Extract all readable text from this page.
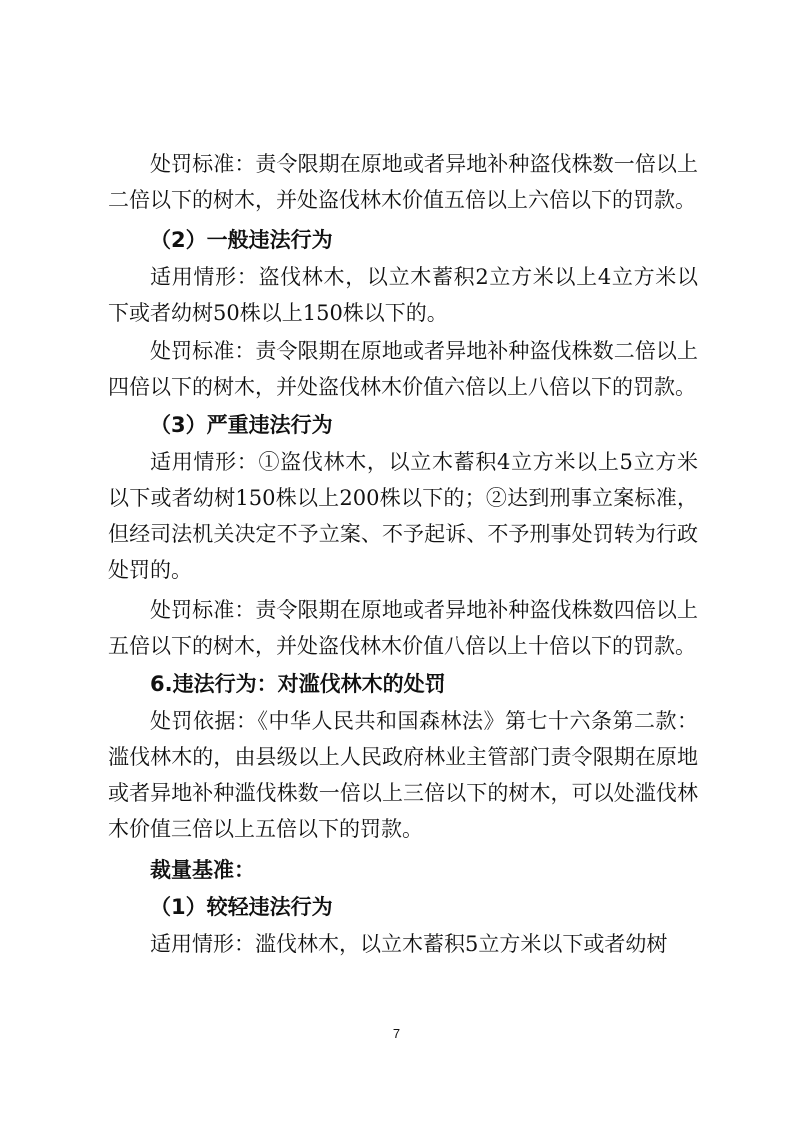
处罚标准：责令限期在原地或者异地补种盗伐株数一倍以上二倍以下的树木，并处盗伐林木价值五倍以上六倍以下的罚款。

（2）一般违法行为

适用情形：盗伐林木，以立木蓄积2立方米以上4立方米以下或者幼树50株以上150株以下的。

处罚标准：责令限期在原地或者异地补种盗伐株数二倍以上四倍以下的树木，并处盗伐林木价值六倍以上八倍以下的罚款。

（3）严重违法行为

适用情形：①盗伐林木，以立木蓄积4立方米以上5立方米以下或者幼树150株以上200株以下的；②达到刑事立案标准，但经司法机关决定不予立案、不予起诉、不予刑事处罚转为行政处罚的。

处罚标准：责令限期在原地或者异地补种盗伐株数四倍以上五倍以下的树木，并处盗伐林木价值八倍以上十倍以下的罚款。

6.违法行为：对滥伐林木的处罚

处罚依据：《中华人民共和国森林法》第七十六条第二款：滥伐林木的，由县级以上人民政府林业主管部门责令限期在原地或者异地补种滥伐株数一倍以上三倍以下的树木，可以处滥伐林木价值三倍以上五倍以下的罚款。

裁量基准：

（1）较轻违法行为

适用情形：滥伐林木，以立木蓄积5立方米以下或者幼树

7
